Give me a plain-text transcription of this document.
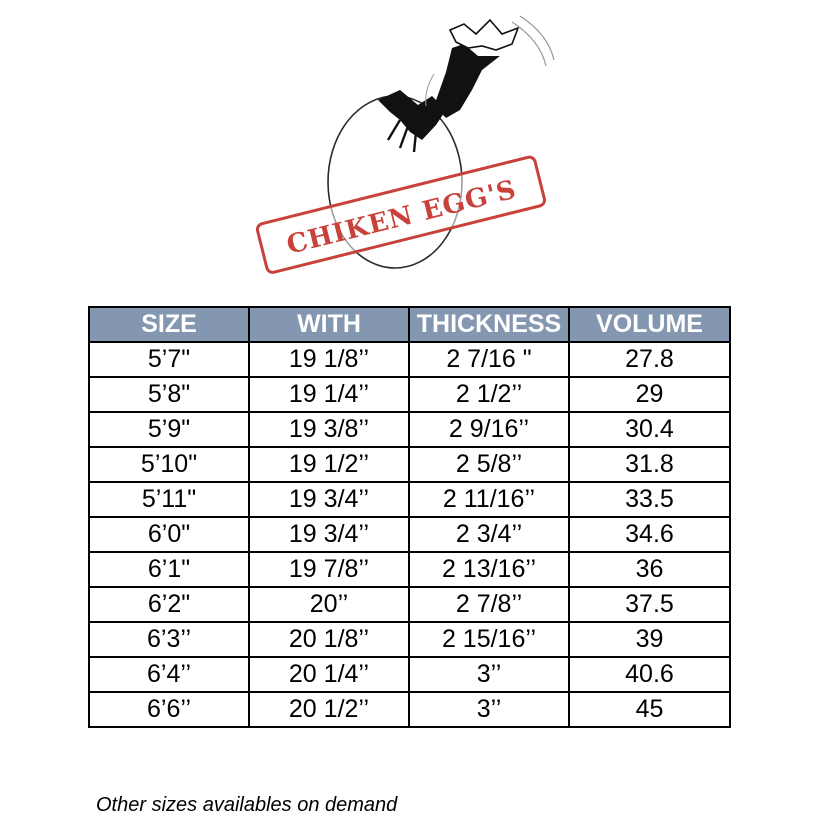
CHIKEN EGG'S
SIZE	WITH	THICKNESS	VOLUME
5’7"	19 1/8’’	2 7/16 "	27.8
5’8"	19 1/4’’	2 1/2’’	29
5’9"	19 3/8’’	2 9/16’’	30.4
5’10"	19 1/2’’	2 5/8’’	31.8
5’11"	19 3/4’’	2 11/16’’	33.5
6’0"	19 3/4’’	2 3/4’’	34.6
6’1"	19 7/8’’	2 13/16’’	36
6’2"	20’’	2 7/8’’	37.5
6’3’’	20 1/8’’	2 15/16’’	39
6’4’’	20 1/4’’	3’’	40.6
6’6’’	20 1/2’’	3’’	45

Other sizes availables on demand
